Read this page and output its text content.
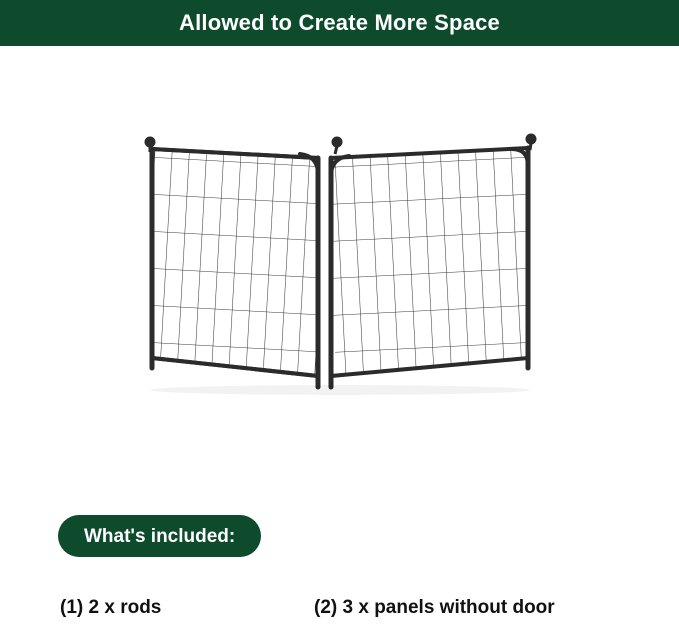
Allowed to Create More Space
What's included:
(1) 2 x rods	(2) 3 x panels without door
